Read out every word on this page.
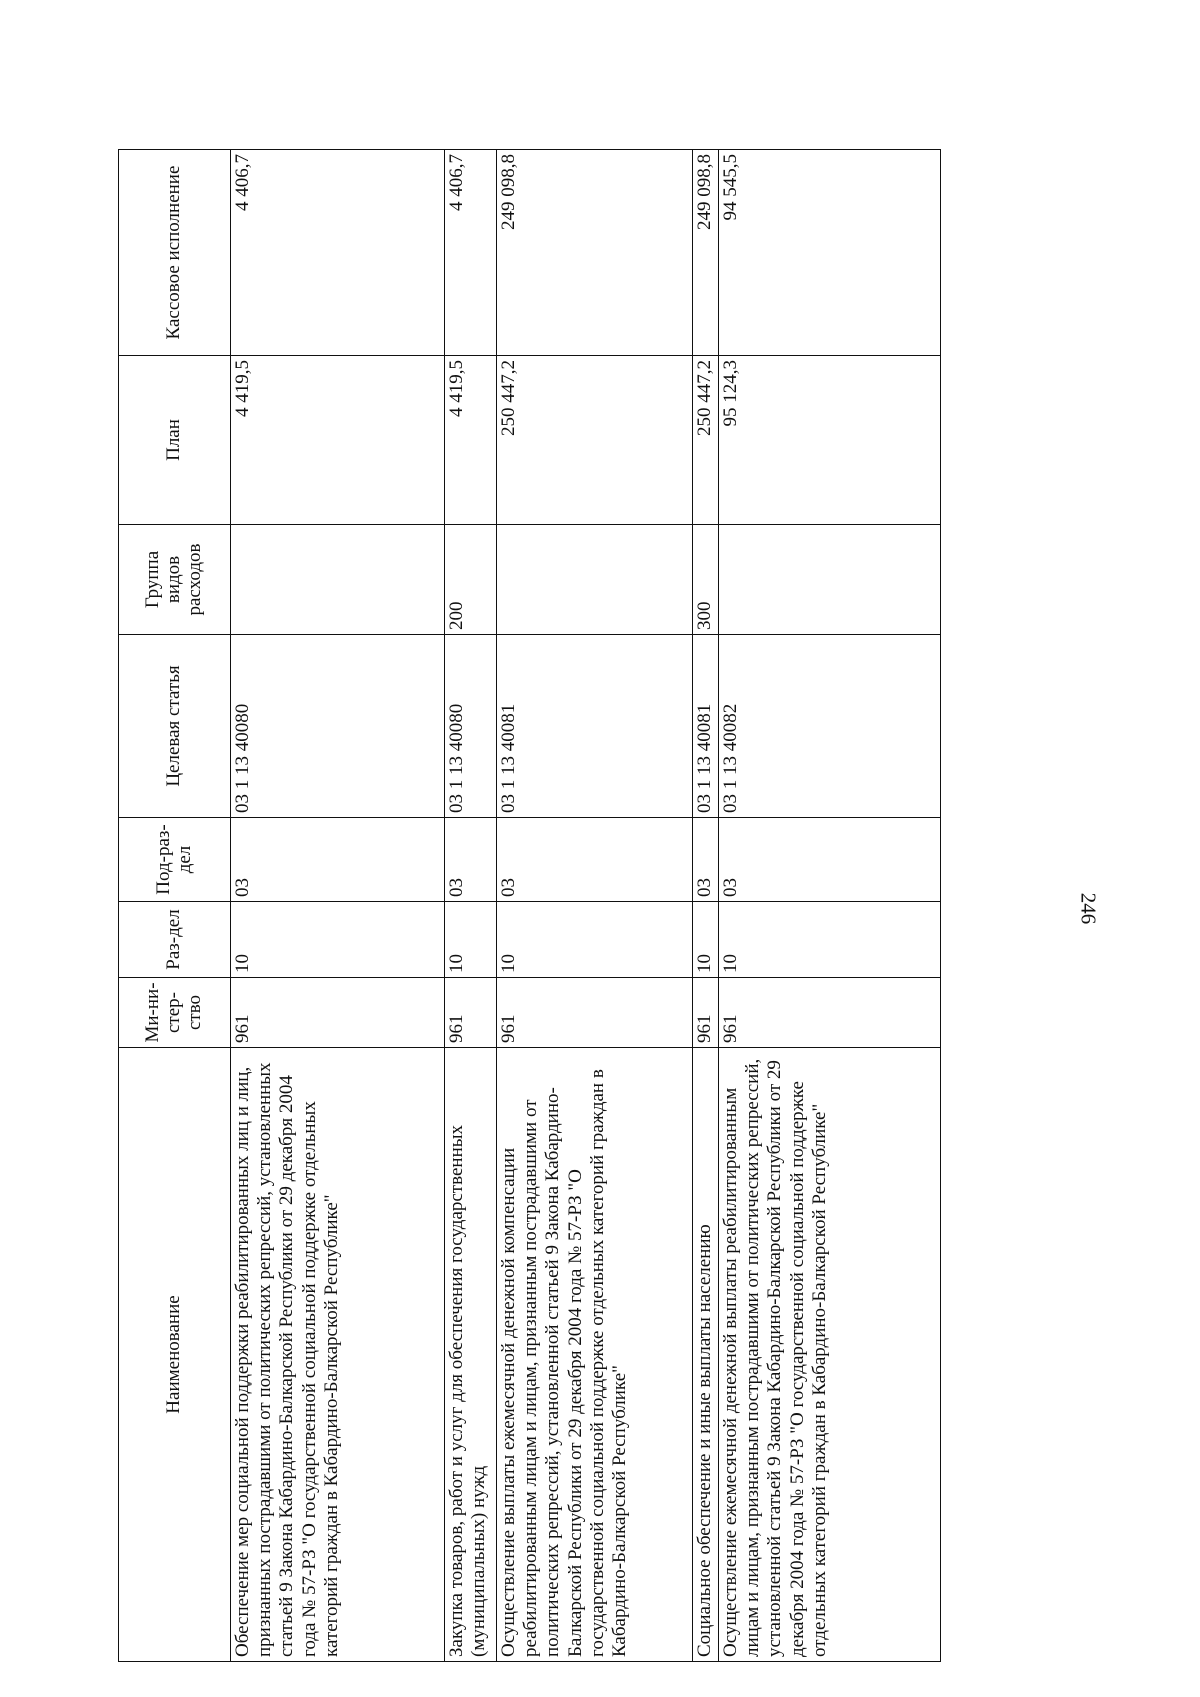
246
Наименование	Ми-ни-стер-ство	Раз-дел	Под-раз-дел	Целевая статья	Группа видов расходов	План	Кассовое исполнение
Обеспечение мер социальной поддержки реабилитированных лиц и лиц, признанных пострадавшими от политических репрессий, установленных статьей 9 Закона Кабардино-Балкарской Республики от 29 декабря 2004 года № 57-РЗ "О государственной социальной поддержке отдельных категорий граждан в Кабардино-Балкарской Республике"	961	10	03	03 1 13 40080		4 419,5	4 406,7
Закупка товаров, работ и услуг для обеспечения государственных (муниципальных) нужд	961	10	03	03 1 13 40080	200	4 419,5	4 406,7
Осуществление выплаты ежемесячной денежной компенсации реабилитированным лицам и лицам, признанным пострадавшими от политических репрессий, установленной статьей 9 Закона Кабардино-Балкарской Республики от 29 декабря 2004 года № 57-РЗ "О государственной социальной поддержке отдельных категорий граждан в Кабардино-Балкарской Республике"	961	10	03	03 1 13 40081		250 447,2	249 098,8
Социальное обеспечение и иные выплаты населению	961	10	03	03 1 13 40081	300	250 447,2	249 098,8
Осуществление ежемесячной денежной выплаты реабилитированным лицам и лицам, признанным пострадавшими от политических репрессий, установленной статьей 9 Закона Кабардино-Балкарской Республики от 29 декабря 2004 года № 57-РЗ "О государственной социальной поддержке отдельных категорий граждан в Кабардино-Балкарской Республике"	961	10	03	03 1 13 40082		95 124,3	94 545,5
